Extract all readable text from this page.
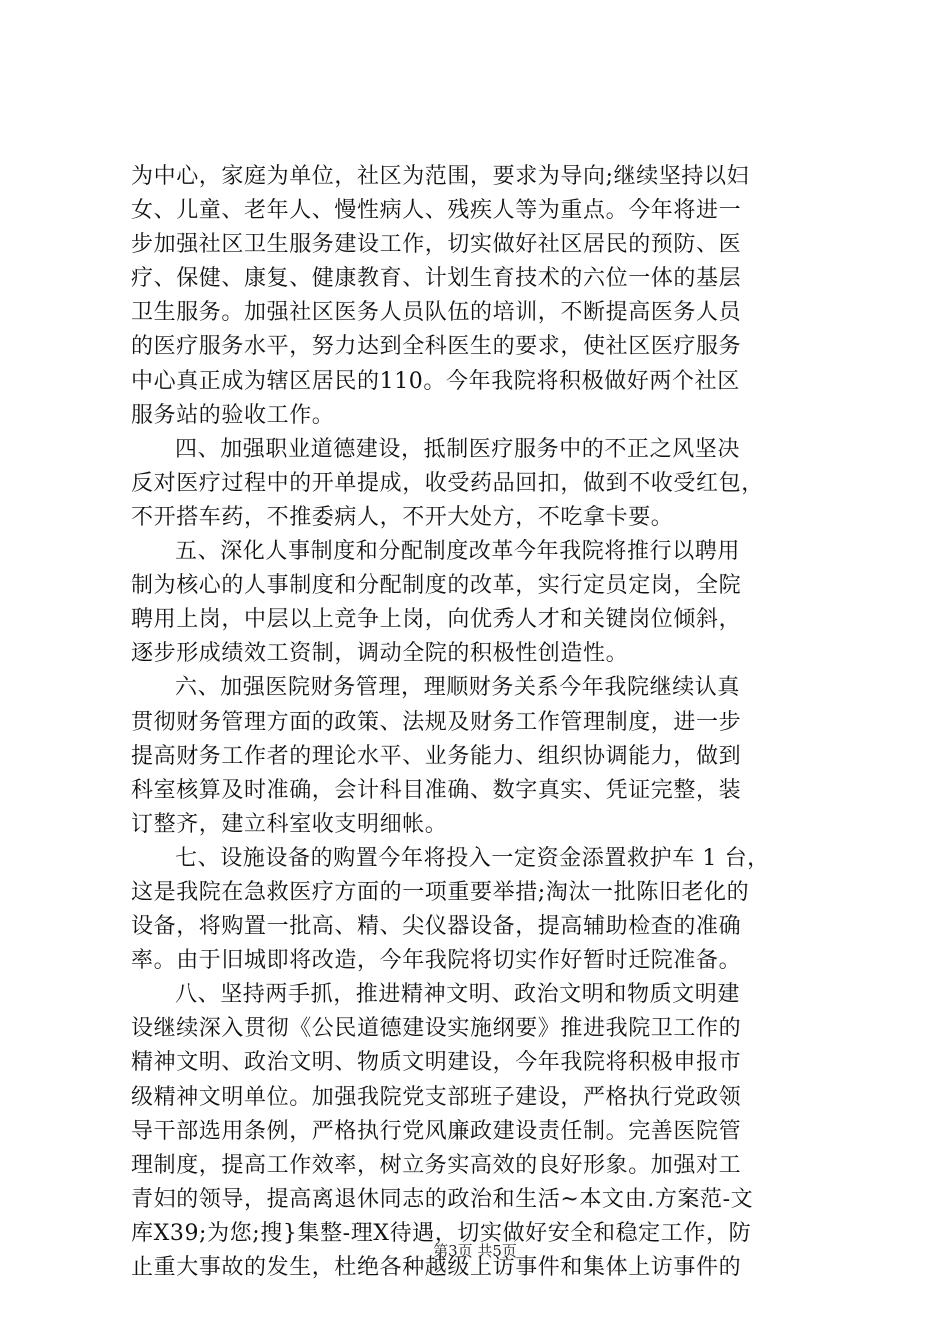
为中心，家庭为单位，社区为范围，要求为导向;继续坚持以妇
女、儿童、老年人、慢性病人、残疾人等为重点。今年将进一
步加强社区卫生服务建设工作，切实做好社区居民的预防、医
疗、保健、康复、健康教育、计划生育技术的六位一体的基层
卫生服务。加强社区医务人员队伍的培训，不断提高医务人员
的医疗服务水平，努力达到全科医生的要求，使社区医疗服务
中心真正成为辖区居民的110。今年我院将积极做好两个社区
服务站的验收工作。
四、加强职业道德建设，抵制医疗服务中的不正之风坚决
反对医疗过程中的开单提成，收受药品回扣，做到不收受红包，
不开搭车药，不推委病人，不开大处方，不吃拿卡要。
五、深化人事制度和分配制度改革今年我院将推行以聘用
制为核心的人事制度和分配制度的改革，实行定员定岗，全院
聘用上岗，中层以上竞争上岗，向优秀人才和关键岗位倾斜，
逐步形成绩效工资制，调动全院的积极性创造性。
六、加强医院财务管理，理顺财务关系今年我院继续认真
贯彻财务管理方面的政策、法规及财务工作管理制度，进一步
提高财务工作者的理论水平、业务能力、组织协调能力，做到
科室核算及时准确，会计科目准确、数字真实、凭证完整，装
订整齐，建立科室收支明细帐。
七、设施设备的购置今年将投入一定资金添置救护车 1 台，
这是我院在急救医疗方面的一项重要举措;淘汰一批陈旧老化的
设备，将购置一批高、精、尖仪器设备，提高辅助检查的准确
率。由于旧城即将改造，今年我院将切实作好暂时迁院准备。
八、坚持两手抓，推进精神文明、政治文明和物质文明建
设继续深入贯彻《公民道德建设实施纲要》推进我院卫工作的
精神文明、政治文明、物质文明建设，今年我院将积极申报市
级精神文明单位。加强我院党支部班子建设，严格执行党政领
导干部选用条例，严格执行党风廉政建设责任制。完善医院管
理制度，提高工作效率，树立务实高效的良好形象。加强对工
青妇的领导，提高离退休同志的政治和生活~本文由.方案范-文
库X39;为您;搜}集整-理X待遇，切实做好安全和稳定工作，防
止重大事故的发生，杜绝各种越级上访事件和集体上访事件的
第3页 共5页
